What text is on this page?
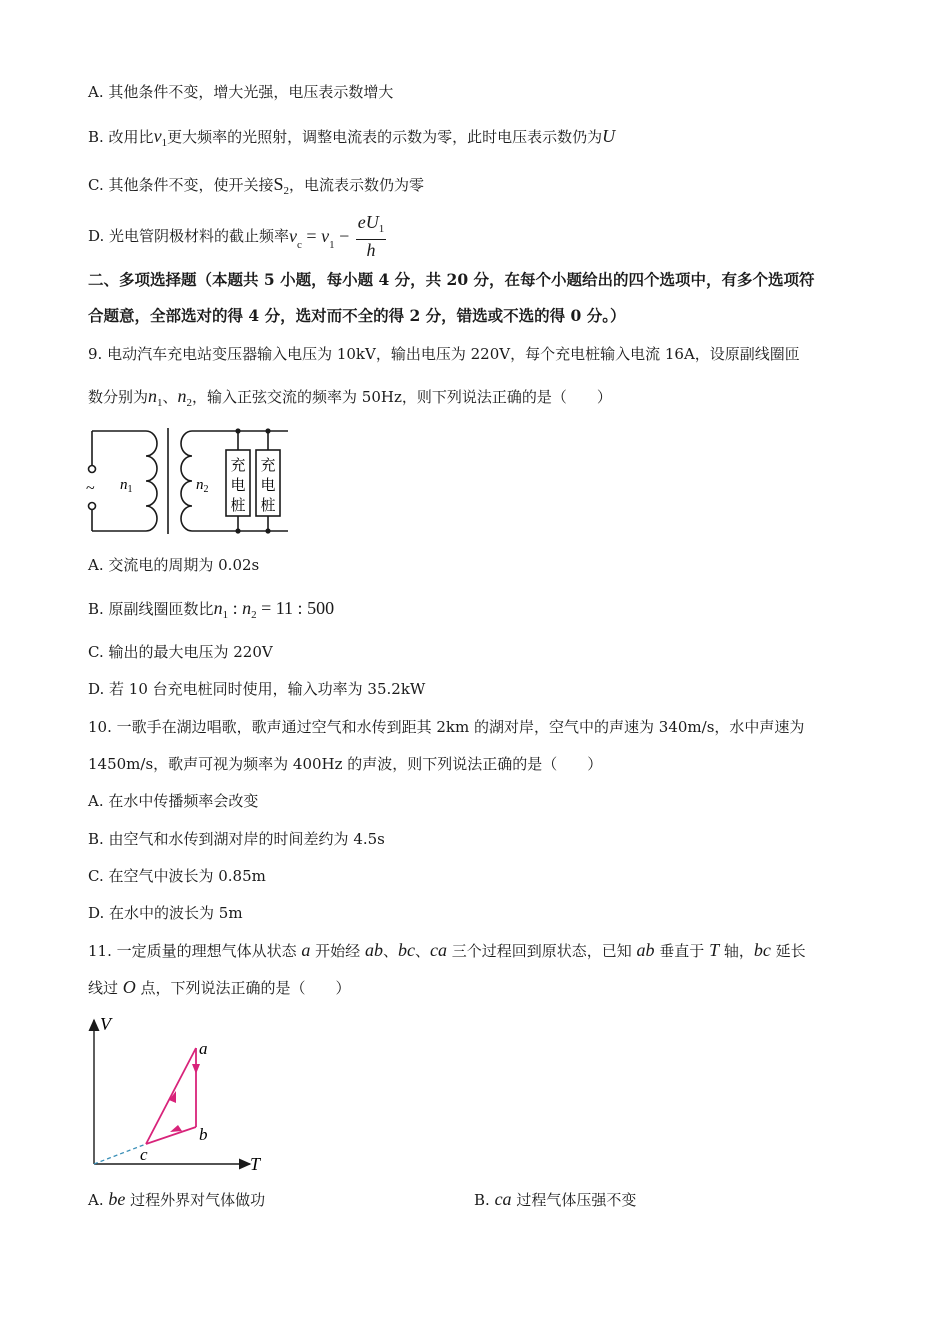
A. 其他条件不变，增大光强，电压表示数增大
B. 改用比$\nu_1$更大频率的光照射，调整电流表的示数为零，此时电压表示数仍为U
C. 其他条件不变，使开关接$S_2$，电流表示数仍为零
D. 光电管阴极材料的截止频率$\nu_c = \nu_1 - \frac{eU_1}{h}$
二、多项选择题（本题共 5 小题，每小题 4 分，共 20 分，在每个小题给出的四个选项中，有多个选项符
合题意，全部选对的得 4 分，选对而不全的得 2 分，错选或不选的得 0 分。）
9. 电动汽车充电站变压器输入电压为 10kV，输出电压为 220V，每个充电桩输入电流 16A，设原副线圈匝
数分别为$n_1$、$n_2$，输入正弦交流的频率为 50Hz，则下列说法正确的是（　　）
~ $n_1$	$n_2$
充
电
桩
充
电
桩
A. 交流电的周期为 0.02s
B. 原副线圈匝数比$n_1$ : $n_2 = 11$ : 500
C. 输出的最大电压为 220V
D. 若 10 台充电桩同时使用，输入功率为 35.2kW
10. 一歌手在湖边唱歌，歌声通过空气和水传到距其 2km 的湖对岸，空气中的声速为 340m/s，水中声速为
1450m/s，歌声可视为频率为 400Hz 的声波，则下列说法正确的是（　　）
A. 在水中传播频率会改变
B. 由空气和水传到湖对岸的时间差约为 4.5s
C. 在空气中波长为 0.85m
D. 在水中的波长为 5m
11. 一定质量的理想气体从状态 a 开始经 ab、bc、ca 三个过程回到原状态，已知 ab 垂直于 T 轴，bc 延长
线过 O 点，下列说法正确的是（　　）
V
T
a
b
c
A. be 过程外界对气体做功	B. ca 过程气体压强不变
